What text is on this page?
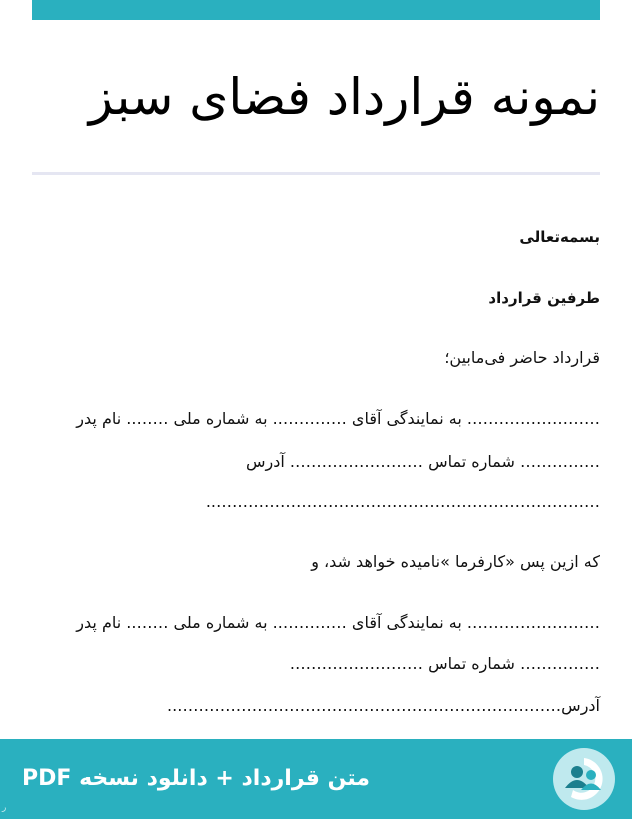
نمونه قرارداد فضای سبز

بسمه‌تعالی

طرفین قرارداد

قرارداد حاضر فی‌مابین؛

……………………. به نمایندگی آقای ………….. به شماره ملی …….. نام پدر

…………… شماره تماس ……………………. آدرس

………………………………………………………………..

که ازین پس «کارفرما »نامیده خواهد شد، و

……………………. به نمایندگی آقای ………….. به شماره ملی …….. نام پدر

…………… شماره تماس …………………….

آدرس………………………………………………………………..

متن قرارداد + دانلود نسخه PDF
ر
